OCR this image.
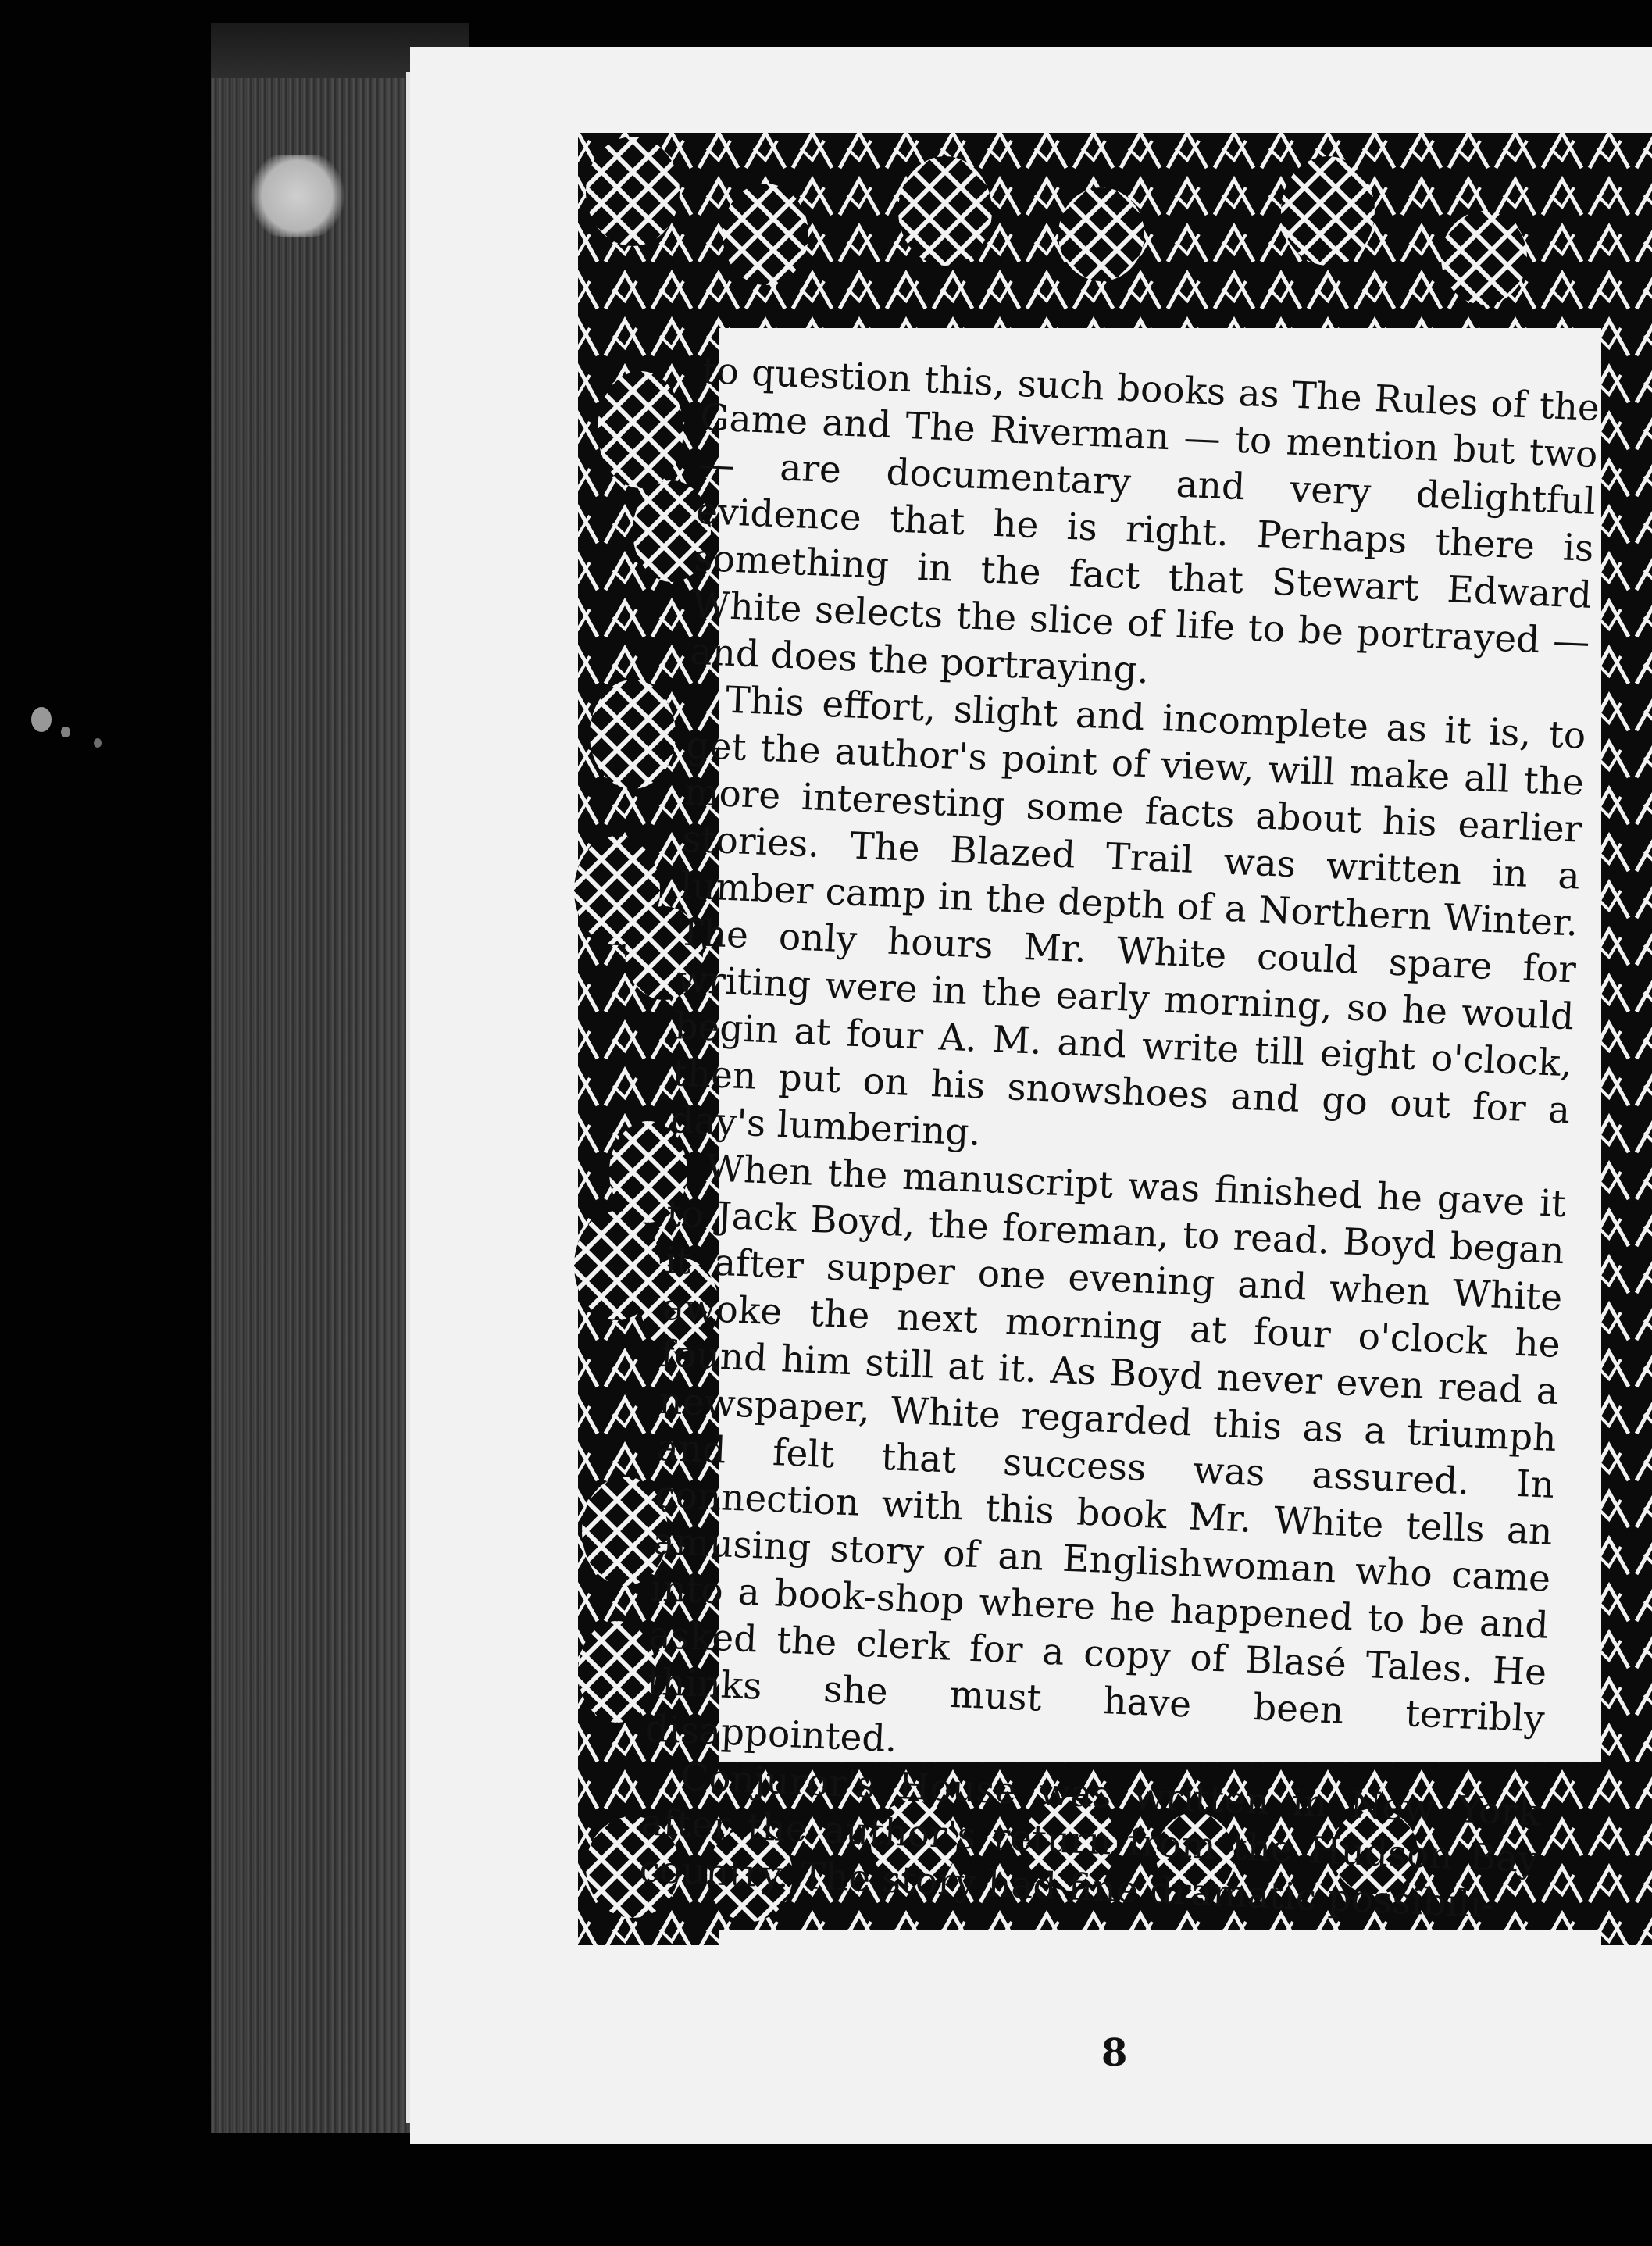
to question this, such books as The Rules of the Game and The Riverman — to mention but two — are documentary and very delightful evidence that he is right. Perhaps there is something in the fact that Stewart Edward White selects the slice of life to be portrayed — and does the portraying.

This effort, slight and incomplete as it is, to get the author's point of view, will make all the more interesting some facts about his earlier stories. The Blazed Trail was written in a lumber camp in the depth of a Northern Winter. The only hours Mr. White could spare for writing were in the early morning, so he would begin at four A. M. and write till eight o'clock, then put on his snowshoes and go out for a day's lumbering.

When the manuscript was finished he gave it to Jack Boyd, the foreman, to read. Boyd began it after supper one evening and when White awoke the next morning at four o'clock he found him still at it. As Boyd never even read a newspaper, White regarded this as a triumph and felt that success was assured. In connection with this book Mr. White tells an amusing story of an Englishwoman who came into a book-shop where he happened to be and asked the clerk for a copy of Blasé Tales. He thinks she must have been terribly disappointed.

Conjuror's House was written in New York after the author's return from the Hudson Bay country. The story had fine dramatic possibili-

8
